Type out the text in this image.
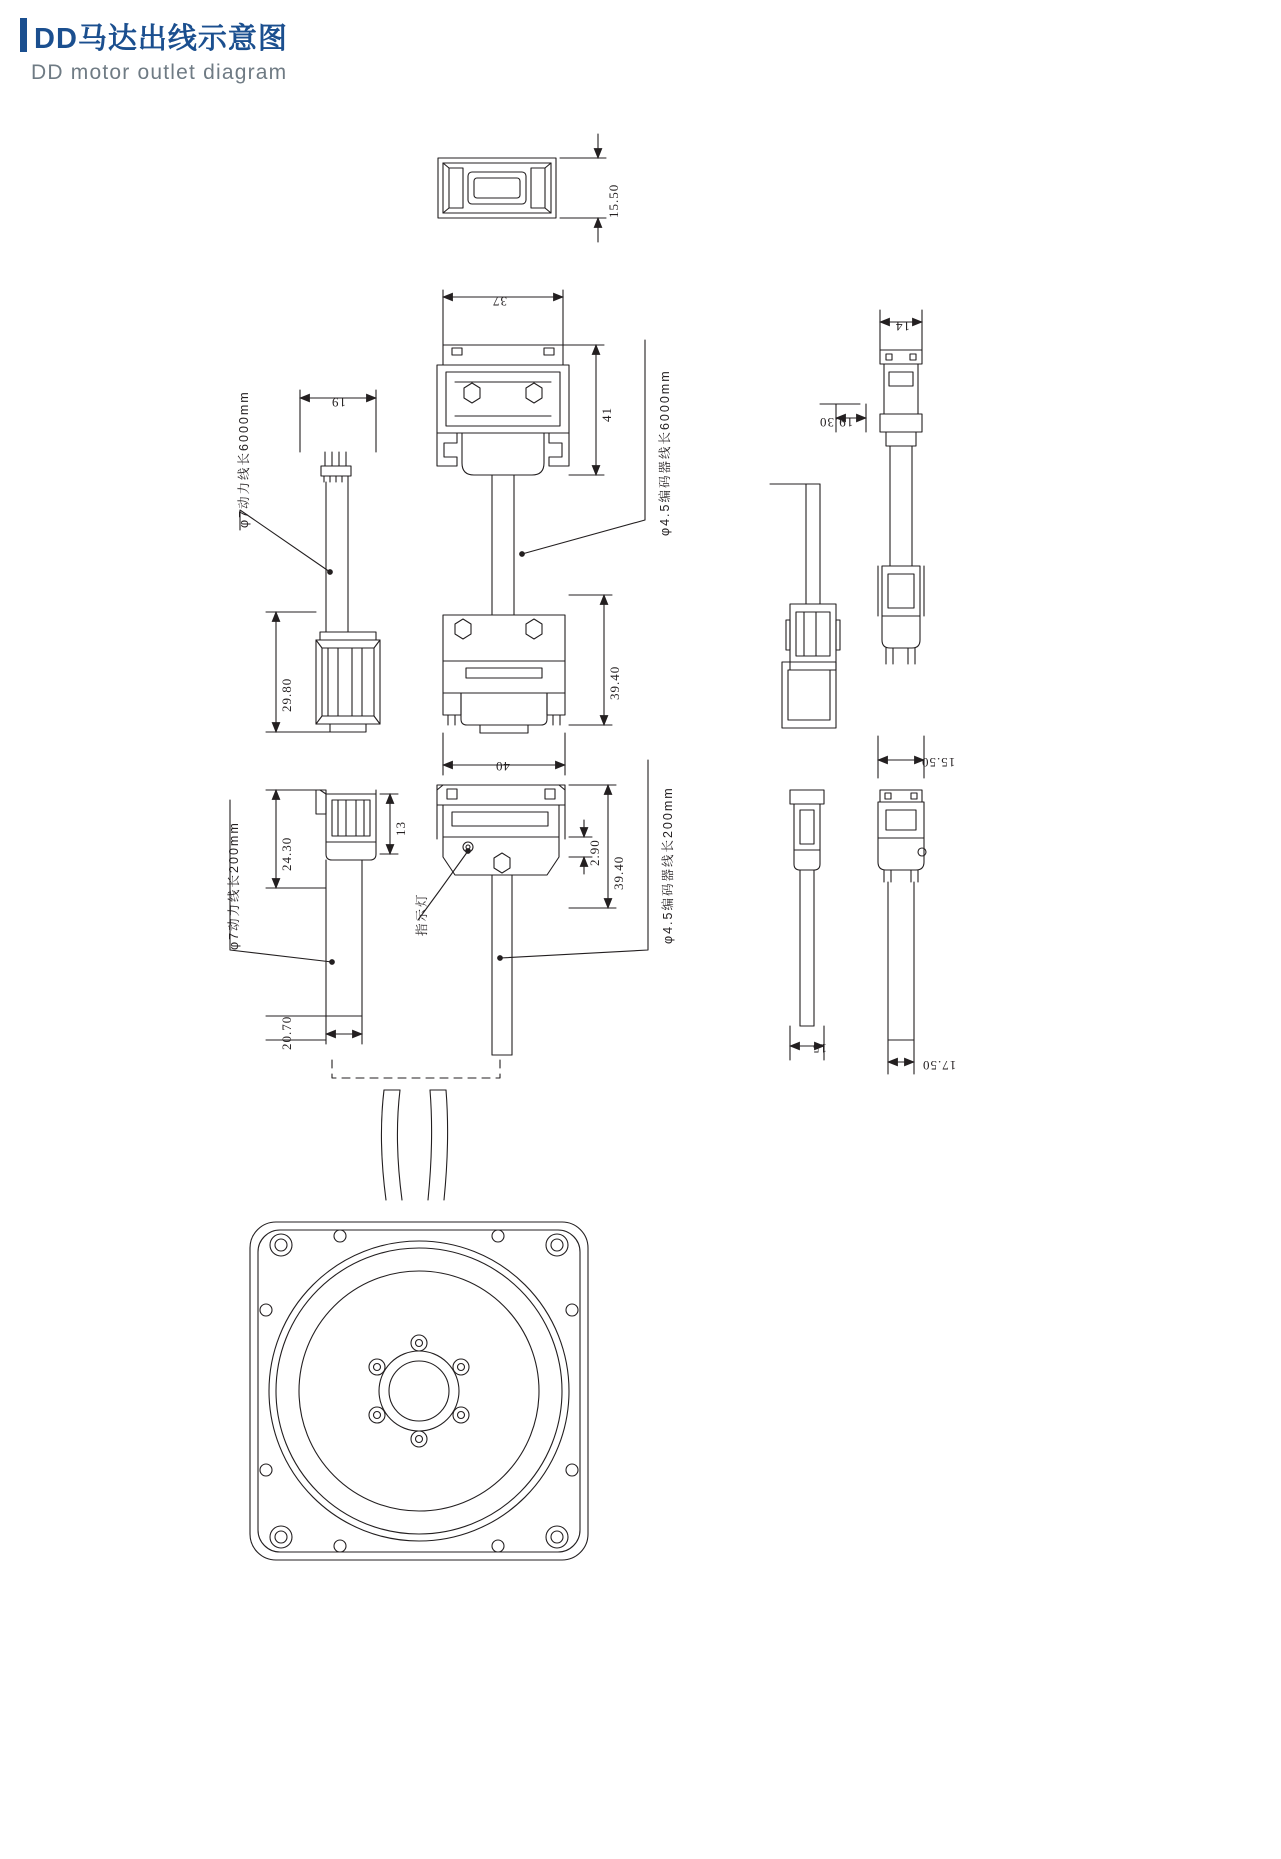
DD马达出线示意图
DD motor outlet diagram
15.50
37
41
19
29.80
24.30
13
20.70
39.40
40
39.40
2.90
14
19.30
15.50
15
17.50
φ7动力线长6000mm
φ7动力线长200mm
φ4.5编码器线长6000mm
φ4.5编码器线长200mm
指示灯
